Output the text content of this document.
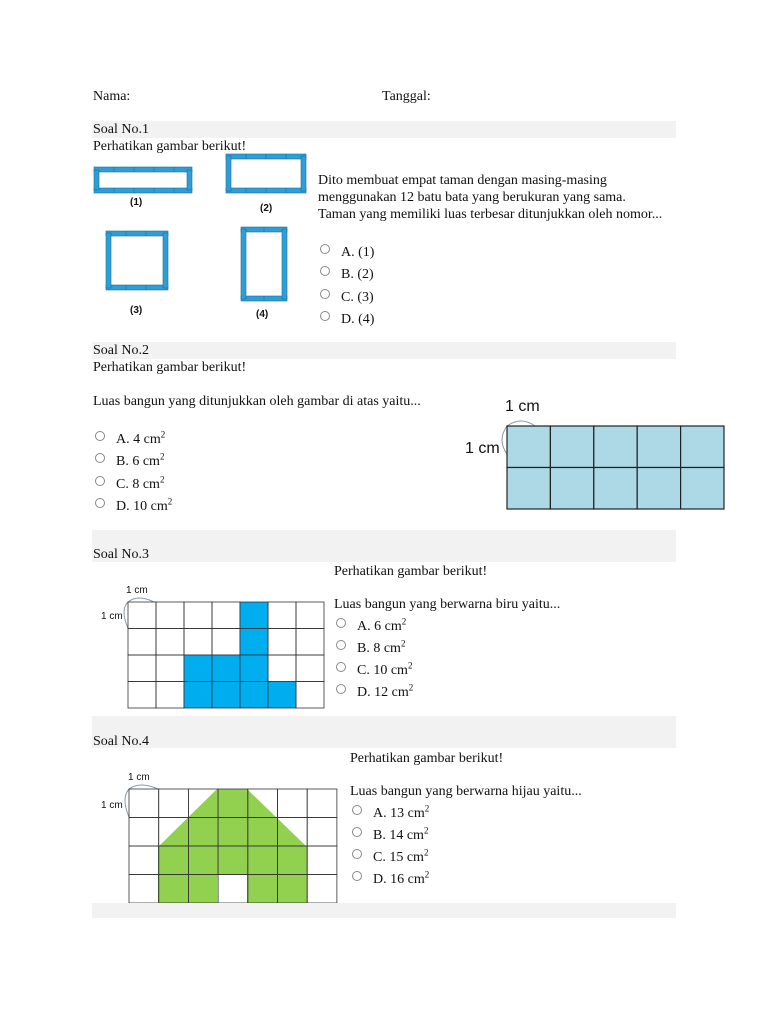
Nama:	Tanggal:
Soal No.1
Perhatikan gambar berikut!
(1)
(2)
(3)	(4)
Dito membuat empat taman dengan masing-masing menggunakan 12 batu bata yang berukuran yang sama. Taman yang memiliki luas terbesar ditunjukkan oleh nomor...
A. (1)
B. (2)
C. (3)
D. (4)
Soal No.2
Perhatikan gambar berikut!
Luas bangun yang ditunjukkan oleh gambar di atas yaitu...
A. 4 $cm^2$
B. 6 $cm^2$
C. 8 $cm^2$
D. 10 $cm^2$
1 cm
1 cm
Soal No.3
Perhatikan gambar berikut!
Luas bangun yang berwarna biru yaitu...
1 cm
1 cm
A. 6 $cm^2$
B. 8 $cm^2$
C. 10 $cm^2$
D. 12 $cm^2$
Soal No.4
Perhatikan gambar berikut!
Luas bangun yang berwarna hijau yaitu...
1 cm
1 cm
A. 13 $cm^2$
B. 14 $cm^2$
C. 15 $cm^2$
D. 16 $cm^2$
